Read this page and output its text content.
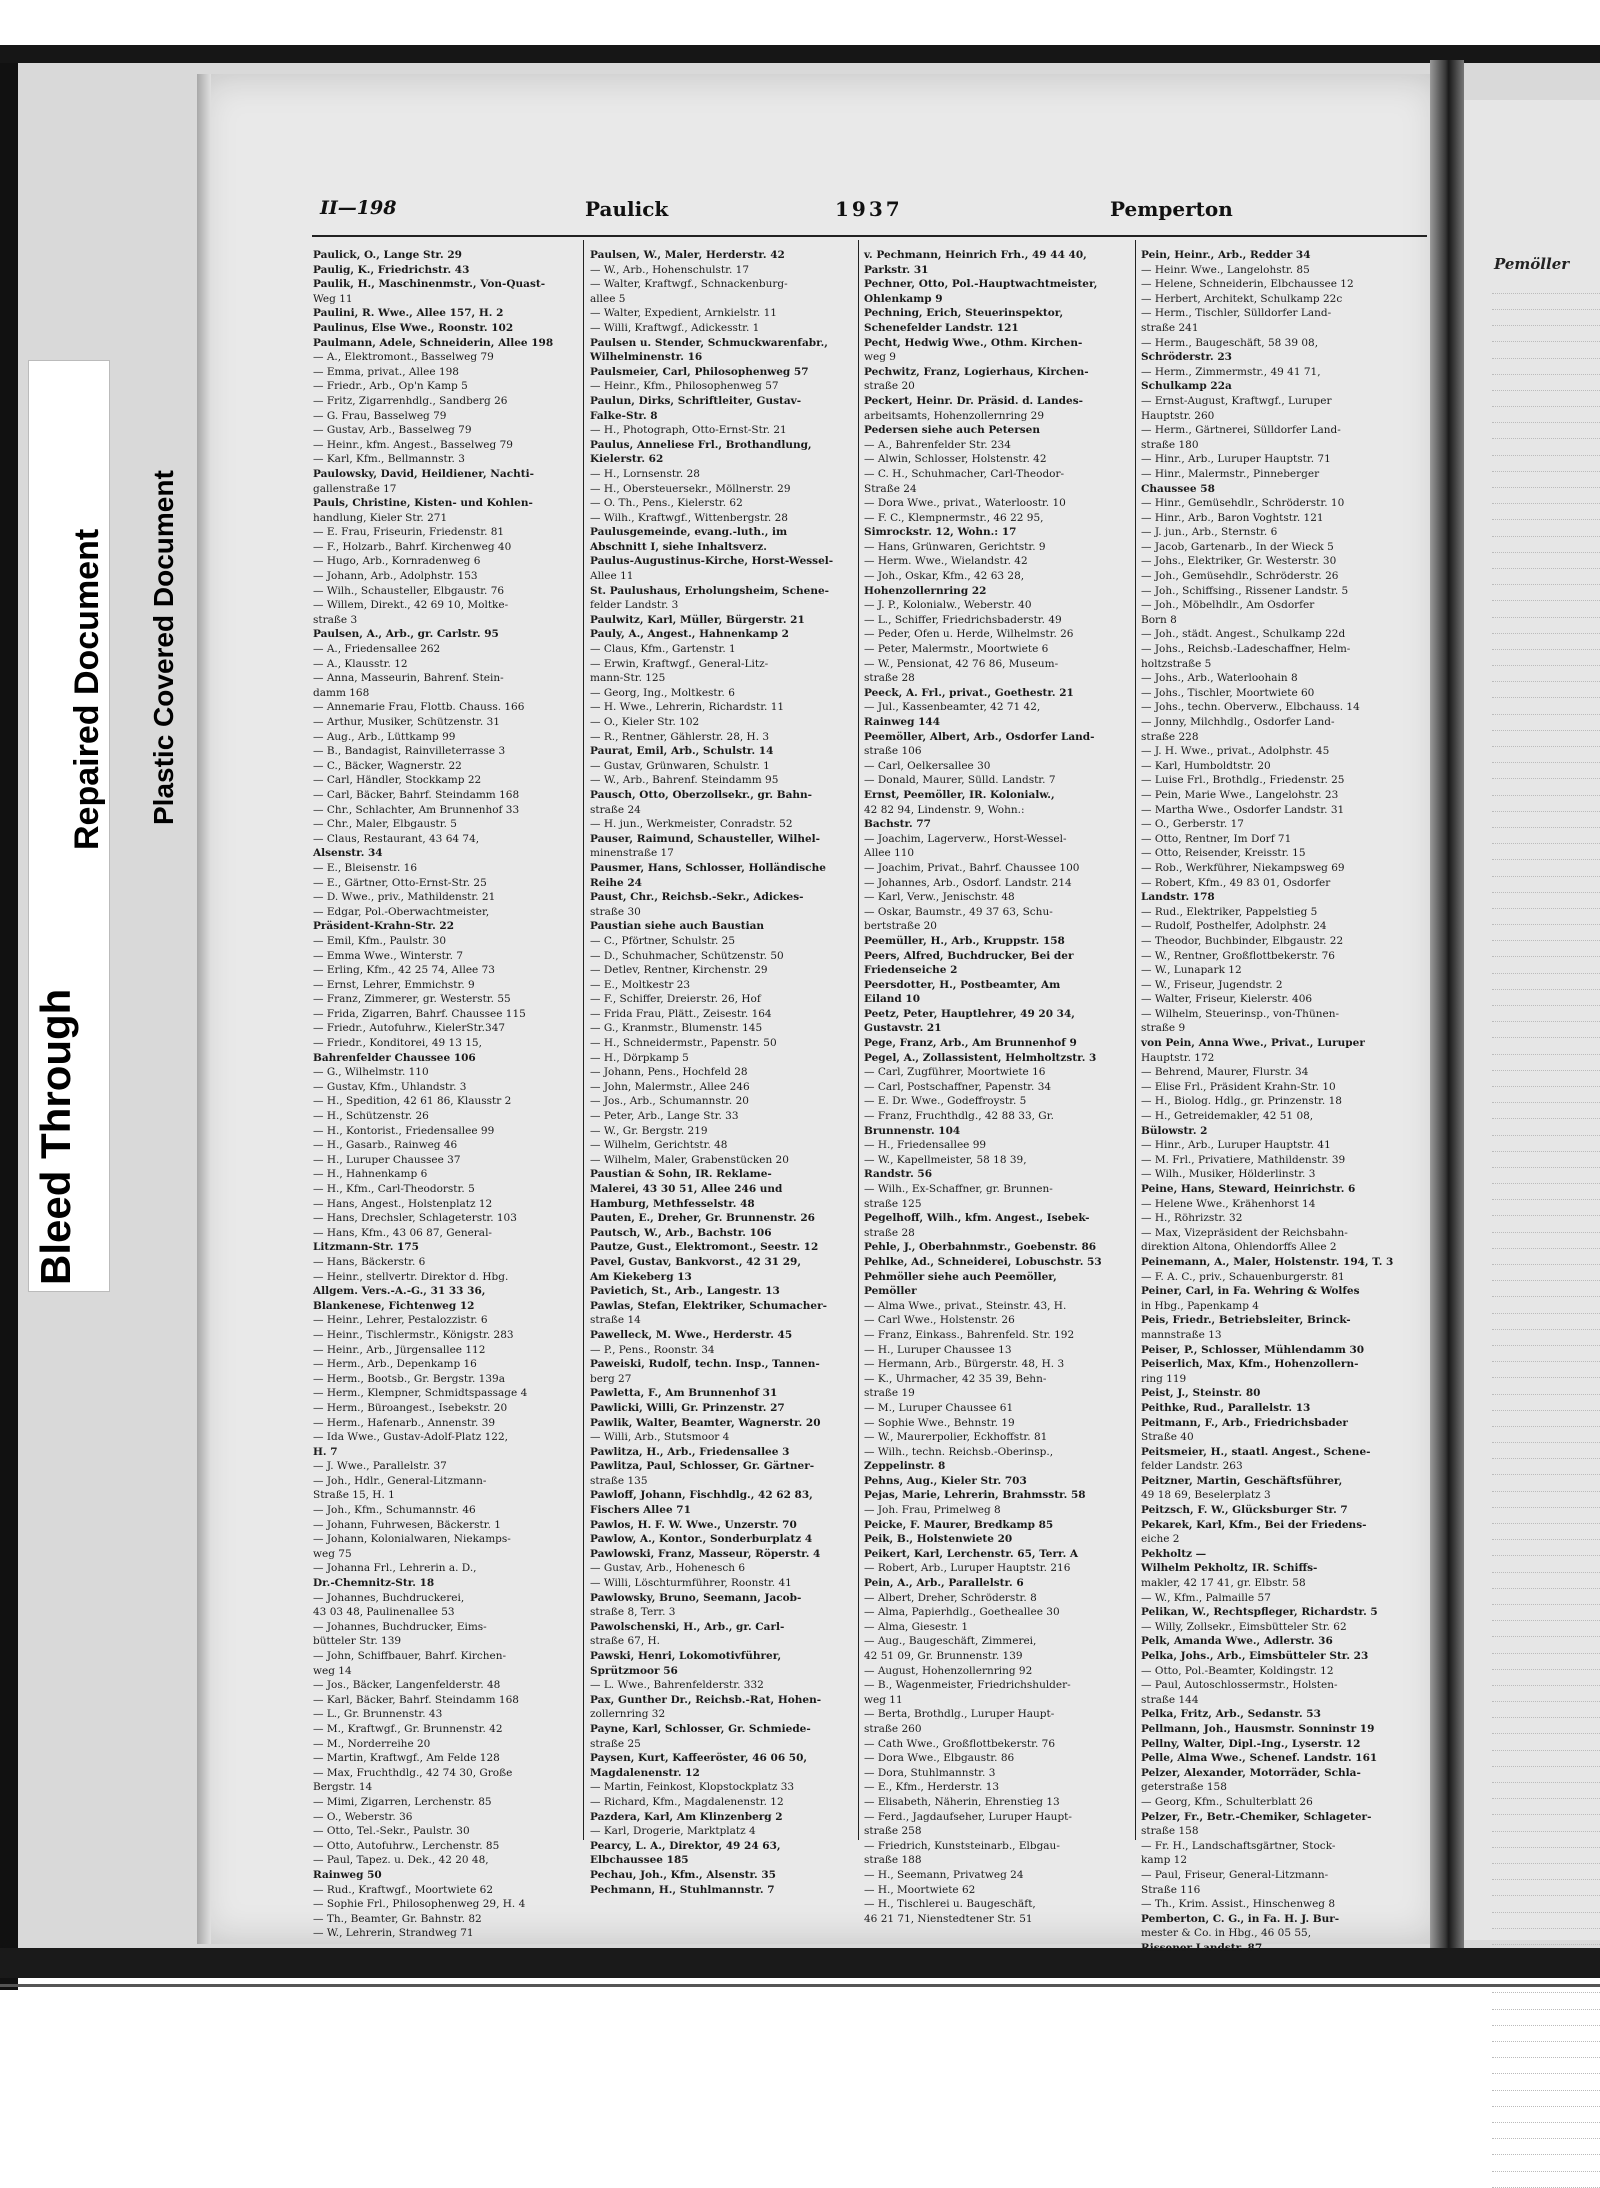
Pemöller
II—198	Paulick	1937	Pemperton
Paulick, O., Lange Str. 29
Paulig, K., Friedrichstr. 43
Paulik, H., Maschinenmstr., Von-Quast-
Weg 11
Paulini, R. Wwe., Allee 157, H. 2
Paulinus, Else Wwe., Roonstr. 102
Paulmann, Adele, Schneiderin, Allee 198
— A., Elektromont., Basselweg 79
— Emma, privat., Allee 198
— Friedr., Arb., Op'n Kamp 5
— Fritz, Zigarrenhdlg., Sandberg 26
— G. Frau, Basselweg 79
— Gustav, Arb., Basselweg 79
— Heinr., kfm. Angest., Basselweg 79
— Karl, Kfm., Bellmannstr. 3
Paulowsky, David, Heildiener, Nachti-
gallenstraße 17
Pauls, Christine, Kisten- und Kohlen-
handlung, Kieler Str. 271
— E. Frau, Friseurin, Friedenstr. 81
— F., Holzarb., Bahrf. Kirchenweg 40
— Hugo, Arb., Kornradenweg 6
— Johann, Arb., Adolphstr. 153
— Wilh., Schausteller, Elbgaustr. 76
— Willem, Direkt., 42 69 10, Moltke-
straße 3
Paulsen, A., Arb., gr. Carlstr. 95
— A., Friedensallee 262
— A., Klausstr. 12
— Anna, Masseurin, Bahrenf. Stein-
damm 168
— Annemarie Frau, Flottb. Chauss. 166
— Arthur, Musiker, Schützenstr. 31
— Aug., Arb., Lüttkamp 99
— B., Bandagist, Rainvilleterrasse 3
— C., Bäcker, Wagnerstr. 22
— Carl, Händler, Stockkamp 22
— Carl, Bäcker, Bahrf. Steindamm 168
— Chr., Schlachter, Am Brunnenhof 33
— Chr., Maler, Elbgaustr. 5
— Claus, Restaurant, 43 64 74,
Alsenstr. 34
— E., Bleisenstr. 16
— E., Gärtner, Otto-Ernst-Str. 25
— D. Wwe., priv., Mathildenstr. 21
— Edgar, Pol.-Oberwachtmeister,
Präsident-Krahn-Str. 22
— Emil, Kfm., Paulstr. 30
— Emma Wwe., Winterstr. 7
— Erling, Kfm., 42 25 74, Allee 73
— Ernst, Lehrer, Emmichstr. 9
— Franz, Zimmerer, gr. Westerstr. 55
— Frida, Zigarren, Bahrf. Chaussee 115
— Friedr., Autofuhrw., KielerStr.347
— Friedr., Konditorei, 49 13 15,
Bahrenfelder Chaussee 106
— G., Wilhelmstr. 110
— Gustav, Kfm., Uhlandstr. 3
— H., Spedition, 42 61 86, Klausstr 2
— H., Schützenstr. 26
— H., Kontorist., Friedensallee 99
— H., Gasarb., Rainweg 46
— H., Luruper Chaussee 37
— H., Hahnenkamp 6
— H., Kfm., Carl-Theodorstr. 5
— Hans, Angest., Holstenplatz 12
— Hans, Drechsler, Schlageterstr. 103
— Hans, Kfm., 43 06 87, General-
Litzmann-Str. 175
— Hans, Bäckerstr. 6
— Heinr., stellvertr. Direktor d. Hbg.
Allgem. Vers.-A.-G., 31 33 36,
Blankenese, Fichtenweg 12
— Heinr., Lehrer, Pestalozzistr. 6
— Heinr., Tischlermstr., Königstr. 283
— Heinr., Arb., Jürgensallee 112
— Herm., Arb., Depenkamp 16
— Herm., Bootsb., Gr. Bergstr. 139a
— Herm., Klempner, Schmidtspassage 4
— Herm., Büroangest., Isebekstr. 20
— Herm., Hafenarb., Annenstr. 39
— Ida Wwe., Gustav-Adolf-Platz 122,
H. 7
— J. Wwe., Parallelstr. 37
— Joh., Hdlr., General-Litzmann-
Straße 15, H. 1
— Joh., Kfm., Schumannstr. 46
— Johann, Fuhrwesen, Bäckerstr. 1
— Johann, Kolonialwaren, Niekamps-
weg 75
— Johanna Frl., Lehrerin a. D.,
Dr.-Chemnitz-Str. 18
— Johannes, Buchdruckerei,
43 03 48, Paulinenallee 53
— Johannes, Buchdrucker, Eims-
bütteler Str. 139
— John, Schiffbauer, Bahrf. Kirchen-
weg 14
— Jos., Bäcker, Langenfelderstr. 48
— Karl, Bäcker, Bahrf. Steindamm 168
— L., Gr. Brunnenstr. 43
— M., Kraftwgf., Gr. Brunnenstr. 42
— M., Norderreihe 20
— Martin, Kraftwgf., Am Felde 128
— Max, Fruchthdlg., 42 74 30, Große
Bergstr. 14
— Mimi, Zigarren, Lerchenstr. 85
— O., Weberstr. 36
— Otto, Tel.-Sekr., Paulstr. 30
— Otto, Autofuhrw., Lerchenstr. 85
— Paul, Tapez. u. Dek., 42 20 48,
Rainweg 50
— Rud., Kraftwgf., Moortwiete 62
— Sophie Frl., Philosophenweg 29, H. 4
— Th., Beamter, Gr. Bahnstr. 82
— W., Lehrerin, Strandweg 71
Paulsen, W., Maler, Herderstr. 42
— W., Arb., Hohenschulstr. 17
— Walter, Kraftwgf., Schnackenburg-
allee 5
— Walter, Expedient, Arnkielstr. 11
— Willi, Kraftwgf., Adickesstr. 1
Paulsen u. Stender, Schmuckwarenfabr.,
Wilhelminenstr. 16
Paulsmeier, Carl, Philosophenweg 57
— Heinr., Kfm., Philosophenweg 57
Paulun, Dirks, Schriftleiter, Gustav-
Falke-Str. 8
— H., Photograph, Otto-Ernst-Str. 21
Paulus, Anneliese Frl., Brothandlung,
Kielerstr. 62
— H., Lornsenstr. 28
— H., Obersteuersekr., Möllnerstr. 29
— O. Th., Pens., Kielerstr. 62
— Wilh., Kraftwgf., Wittenbergstr. 28
Paulusgemeinde, evang.-luth., im
Abschnitt I, siehe Inhaltsverz.
Paulus-Augustinus-Kirche, Horst-Wessel-
Allee 11
St. Paulushaus, Erholungsheim, Schene-
felder Landstr. 3
Paulwitz, Karl, Müller, Bürgerstr. 21
Pauly, A., Angest., Hahnenkamp 2
— Claus, Kfm., Gartenstr. 1
— Erwin, Kraftwgf., General-Litz-
mann-Str. 125
— Georg, Ing., Moltkestr. 6
— H. Wwe., Lehrerin, Richardstr. 11
— O., Kieler Str. 102
— R., Rentner, Gählerstr. 28, H. 3
Paurat, Emil, Arb., Schulstr. 14
— Gustav, Grünwaren, Schulstr. 1
— W., Arb., Bahrenf. Steindamm 95
Pausch, Otto, Oberzollsekr., gr. Bahn-
straße 24
— H. jun., Werkmeister, Conradstr. 52
Pauser, Raimund, Schausteller, Wilhel-
minenstraße 17
Pausmer, Hans, Schlosser, Holländische
Reihe 24
Paust, Chr., Reichsb.-Sekr., Adickes-
straße 30
Paustian siehe auch Baustian
— C., Pförtner, Schulstr. 25
— D., Schuhmacher, Schützenstr. 50
— Detlev, Rentner, Kirchenstr. 29
— E., Moltkestr 23
— F., Schiffer, Dreierstr. 26, Hof
— Frida Frau, Plätt., Zeisestr. 164
— G., Kranmstr., Blumenstr. 145
— H., Schneidermstr., Papenstr. 50
— H., Dörpkamp 5
— Johann, Pens., Hochfeld 28
— John, Malermstr., Allee 246
— Jos., Arb., Schumannstr. 20
— Peter, Arb., Lange Str. 33
— W., Gr. Bergstr. 219
— Wilhelm, Gerichtstr. 48
— Wilhelm, Maler, Grabenstücken 20
Paustian & Sohn, IR. Reklame-
Malerei, 43 30 51, Allee 246 und
Hamburg, Methfesselstr. 48
Pauten, E., Dreher, Gr. Brunnenstr. 26
Pautsch, W., Arb., Bachstr. 106
Pautze, Gust., Elektromont., Seestr. 12
Pavel, Gustav, Bankvorst., 42 31 29,
Am Kiekeberg 13
Pavietich, St., Arb., Langestr. 13
Pawlas, Stefan, Elektriker, Schumacher-
straße 14
Pawelleck, M. Wwe., Herderstr. 45
— P., Pens., Roonstr. 34
Paweiski, Rudolf, techn. Insp., Tannen-
berg 27
Pawletta, F., Am Brunnenhof 31
Pawlicki, Willi, Gr. Prinzenstr. 27
Pawlik, Walter, Beamter, Wagnerstr. 20
— Willi, Arb., Stutsmoor 4
Pawlitza, H., Arb., Friedensallee 3
Pawlitza, Paul, Schlosser, Gr. Gärtner-
straße 135
Pawloff, Johann, Fischhdlg., 42 62 83,
Fischers Allee 71
Pawlos, H. F. W. Wwe., Unzerstr. 70
Pawlow, A., Kontor., Sonderburplatz 4
Pawlowski, Franz, Masseur, Röperstr. 4
— Gustav, Arb., Hohenesch 6
— Willi, Löschturmführer, Roonstr. 41
Pawlowsky, Bruno, Seemann, Jacob-
straße 8, Terr. 3
Pawolschenski, H., Arb., gr. Carl-
straße 67, H.
Pawski, Henri, Lokomotivführer,
Sprützmoor 56
— L. Wwe., Bahrenfelderstr. 332
Pax, Gunther Dr., Reichsb.-Rat, Hohen-
zollernring 32
Payne, Karl, Schlosser, Gr. Schmiede-
straße 25
Paysen, Kurt, Kaffeeröster, 46 06 50,
Magdalenenstr. 12
— Martin, Feinkost, Klopstockplatz 33
— Richard, Kfm., Magdalenenstr. 12
Pazdera, Karl, Am Klinzenberg 2
— Karl, Drogerie, Marktplatz 4
Pearcy, L. A., Direktor, 49 24 63,
Elbchaussee 185
Pechau, Joh., Kfm., Alsenstr. 35
Pechmann, H., Stuhlmannstr. 7
v. Pechmann, Heinrich Frh., 49 44 40,
Parkstr. 31
Pechner, Otto, Pol.-Hauptwachtmeister,
Ohlenkamp 9
Pechning, Erich, Steuerinspektor,
Schenefelder Landstr. 121
Pecht, Hedwig Wwe., Othm. Kirchen-
weg 9
Pechwitz, Franz, Logierhaus, Kirchen-
straße 20
Peckert, Heinr. Dr. Präsid. d. Landes-
arbeitsamts, Hohenzollernring 29
Pedersen siehe auch Petersen
— A., Bahrenfelder Str. 234
— Alwin, Schlosser, Holstenstr. 42
— C. H., Schuhmacher, Carl-Theodor-
Straße 24
— Dora Wwe., privat., Waterloostr. 10
— F. C., Klempnermstr., 46 22 95,
Simrockstr. 12, Wohn.: 17
— Hans, Grünwaren, Gerichtstr. 9
— Herm. Wwe., Wielandstr. 42
— Joh., Oskar, Kfm., 42 63 28,
Hohenzollernring 22
— J. P., Kolonialw., Weberstr. 40
— L., Schiffer, Friedrichsbaderstr. 49
— Peder, Ofen u. Herde, Wilhelmstr. 26
— Peter, Malermstr., Moortwiete 6
— W., Pensionat, 42 76 86, Museum-
straße 28
Peeck, A. Frl., privat., Goethestr. 21
— Jul., Kassenbeamter, 42 71 42,
Rainweg 144
Peemöller, Albert, Arb., Osdorfer Land-
straße 106
— Carl, Oelkersallee 30
— Donald, Maurer, Sülld. Landstr. 7
Ernst, Peemöller, IR. Kolonialw.,
42 82 94, Lindenstr. 9, Wohn.:
Bachstr. 77
— Joachim, Lagerverw., Horst-Wessel-
Allee 110
— Joachim, Privat., Bahrf. Chaussee 100
— Johannes, Arb., Osdorf. Landstr. 214
— Karl, Verw., Jenischstr. 48
— Oskar, Baumstr., 49 37 63, Schu-
bertstraße 20
Peemüller, H., Arb., Kruppstr. 158
Peers, Alfred, Buchdrucker, Bei der
Friedenseiche 2
Peersdotter, H., Postbeamter, Am
Eiland 10
Peetz, Peter, Hauptlehrer, 49 20 34,
Gustavstr. 21
Pege, Franz, Arb., Am Brunnenhof 9
Pegel, A., Zollassistent, Helmholtzstr. 3
— Carl, Zugführer, Moortwiete 16
— Carl, Postschaffner, Papenstr. 34
— E. Dr. Wwe., Godeffroystr. 5
— Franz, Fruchthdlg., 42 88 33, Gr.
Brunnenstr. 104
— H., Friedensallee 99
— W., Kapellmeister, 58 18 39,
Randstr. 56
— Wilh., Ex-Schaffner, gr. Brunnen-
straße 125
Pegelhoff, Wilh., kfm. Angest., Isebek-
straße 28
Pehle, J., Oberbahnmstr., Goebenstr. 86
Pehlke, Ad., Schneiderei, Lobuschstr. 53
Pehmöller siehe auch Peemöller,
Pemöller
— Alma Wwe., privat., Steinstr. 43, H.
— Carl Wwe., Holstenstr. 26
— Franz, Einkass., Bahrenfeld. Str. 192
— H., Luruper Chaussee 13
— Hermann, Arb., Bürgerstr. 48, H. 3
— K., Uhrmacher, 42 35 39, Behn-
straße 19
— M., Luruper Chaussee 61
— Sophie Wwe., Behnstr. 19
— W., Maurerpolier, Eckhoffstr. 81
— Wilh., techn. Reichsb.-Oberinsp.,
Zeppelinstr. 8
Pehns, Aug., Kieler Str. 703
Pejas, Marie, Lehrerin, Brahmsstr. 58
— Joh. Frau, Primelweg 8
Peicke, F. Maurer, Bredkamp 85
Peik, B., Holstenwiete 20
Peikert, Karl, Lerchenstr. 65, Terr. A
— Robert, Arb., Luruper Hauptstr. 216
Pein, A., Arb., Parallelstr. 6
— Albert, Dreher, Schröderstr. 8
— Alma, Papierhdlg., Goetheallee 30
— Alma, Giesestr. 1
— Aug., Baugeschäft, Zimmerei,
42 51 09, Gr. Brunnenstr. 139
— August, Hohenzollernring 92
— B., Wagenmeister, Friedrichshulder-
weg 11
— Berta, Brothdlg., Luruper Haupt-
straße 260
— Cath Wwe., Großflottbekerstr. 76
— Dora Wwe., Elbgaustr. 86
— Dora, Stuhlmannstr. 3
— E., Kfm., Herderstr. 13
— Elisabeth, Näherin, Ehrenstieg 13
— Ferd., Jagdaufseher, Luruper Haupt-
straße 258
— Friedrich, Kunststeinarb., Elbgau-
straße 188
— H., Seemann, Privatweg 24
— H., Moortwiete 62
— H., Tischlerei u. Baugeschäft,
46 21 71, Nienstedtener Str. 51
Pein, Heinr., Arb., Redder 34
— Heinr. Wwe., Langelohstr. 85
— Helene, Schneiderin, Elbchaussee 12
— Herbert, Architekt, Schulkamp 22c
— Herm., Tischler, Sülldorfer Land-
straße 241
— Herm., Baugeschäft, 58 39 08,
Schröderstr. 23
— Herm., Zimmermstr., 49 41 71,
Schulkamp 22a
— Ernst-August, Kraftwgf., Luruper
Hauptstr. 260
— Herm., Gärtnerei, Sülldorfer Land-
straße 180
— Hinr., Arb., Luruper Hauptstr. 71
— Hinr., Malermstr., Pinneberger
Chaussee 58
— Hinr., Gemüsehdlr., Schröderstr. 10
— Hinr., Arb., Baron Voghtstr. 121
— J. jun., Arb., Sternstr. 6
— Jacob, Gartenarb., In der Wieck 5
— Johs., Elektriker, Gr. Westerstr. 30
— Joh., Gemüsehdlr., Schröderstr. 26
— Joh., Schiffsing., Rissener Landstr. 5
— Joh., Möbelhdlr., Am Osdorfer
Born 8
— Joh., städt. Angest., Schulkamp 22d
— Johs., Reichsb.-Ladeschaffner, Helm-
holtzstraße 5
— Johs., Arb., Waterloohain 8
— Johs., Tischler, Moortwiete 60
— Johs., techn. Oberverw., Elbchauss. 14
— Jonny, Milchhdlg., Osdorfer Land-
straße 228
— J. H. Wwe., privat., Adolphstr. 45
— Karl, Humboldtstr. 20
— Luise Frl., Brothdlg., Friedenstr. 25
— Pein, Marie Wwe., Langelohstr. 23
— Martha Wwe., Osdorfer Landstr. 31
— O., Gerberstr. 17
— Otto, Rentner, Im Dorf 71
— Otto, Reisender, Kreisstr. 15
— Rob., Werkführer, Niekampsweg 69
— Robert, Kfm., 49 83 01, Osdorfer
Landstr. 178
— Rud., Elektriker, Pappelstieg 5
— Rudolf, Posthelfer, Adolphstr. 24
— Theodor, Buchbinder, Elbgaustr. 22
— W., Rentner, Großflottbekerstr. 76
— W., Lunapark 12
— W., Friseur, Jugendstr. 2
— Walter, Friseur, Kielerstr. 406
— Wilhelm, Steuerinsp., von-Thünen-
straße 9
von Pein, Anna Wwe., Privat., Luruper
Hauptstr. 172
— Behrend, Maurer, Flurstr. 34
— Elise Frl., Präsident Krahn-Str. 10
— H., Biolog. Hdlg., gr. Prinzenstr. 18
— H., Getreidemakler, 42 51 08,
Bülowstr. 2
— Hinr., Arb., Luruper Hauptstr. 41
— M. Frl., Privatiere, Mathildenstr. 39
— Wilh., Musiker, Hölderlinstr. 3
Peine, Hans, Steward, Heinrichstr. 6
— Helene Wwe., Krähenhorst 14
— H., Röhrizstr. 32
— Max, Vizepräsident der Reichsbahn-
direktion Altona, Ohlendorffs Allee 2
Peinemann, A., Maler, Holstenstr. 194, T. 3
— F. A. C., priv., Schauenburgerstr. 81
Peiner, Carl, in Fa. Wehring & Wolfes
in Hbg., Papenkamp 4
Peis, Friedr., Betriebsleiter, Brinck-
mannstraße 13
Peiser, P., Schlosser, Mühlendamm 30
Peiserlich, Max, Kfm., Hohenzollern-
ring 119
Peist, J., Steinstr. 80
Peithke, Rud., Parallelstr. 13
Peitmann, F., Arb., Friedrichsbader
Straße 40
Peitsmeier, H., staatl. Angest., Schene-
felder Landstr. 263
Peitzner, Martin, Geschäftsführer,
49 18 69, Beselerplatz 3
Peitzsch, F. W., Glücksburger Str. 7
Pekarek, Karl, Kfm., Bei der Friedens-
eiche 2
Pekholtz —
Wilhelm Pekholtz, IR. Schiffs-
makler, 42 17 41, gr. Elbstr. 58
— W., Kfm., Palmaille 57
Pelikan, W., Rechtspfleger, Richardstr. 5
— Willy, Zollsekr., Eimsbütteler Str. 62
Pelk, Amanda Wwe., Adlerstr. 36
Pelka, Johs., Arb., Eimsbütteler Str. 23
— Otto, Pol.-Beamter, Koldingstr. 12
— Paul, Autoschlossermstr., Holsten-
straße 144
Pelka, Fritz, Arb., Sedanstr. 53
Pellmann, Joh., Hausmstr. Sonninstr 19
Pellny, Walter, Dipl.-Ing., Lyserstr. 12
Pelle, Alma Wwe., Schenef. Landstr. 161
Pelzer, Alexander, Motorräder, Schla-
geterstraße 158
— Georg, Kfm., Schulterblatt 26
Pelzer, Fr., Betr.-Chemiker, Schlageter-
straße 158
— Fr. H., Landschaftsgärtner, Stock-
kamp 12
— Paul, Friseur, General-Litzmann-
Straße 116
— Th., Krim. Assist., Hinschenweg 8
Pemberton, C. G., in Fa. H. J. Bur-
mester & Co. in Hbg., 46 05 55,
Rissener Landstr. 87
Bleed Through
Repaired Document Plastic Covered Document
